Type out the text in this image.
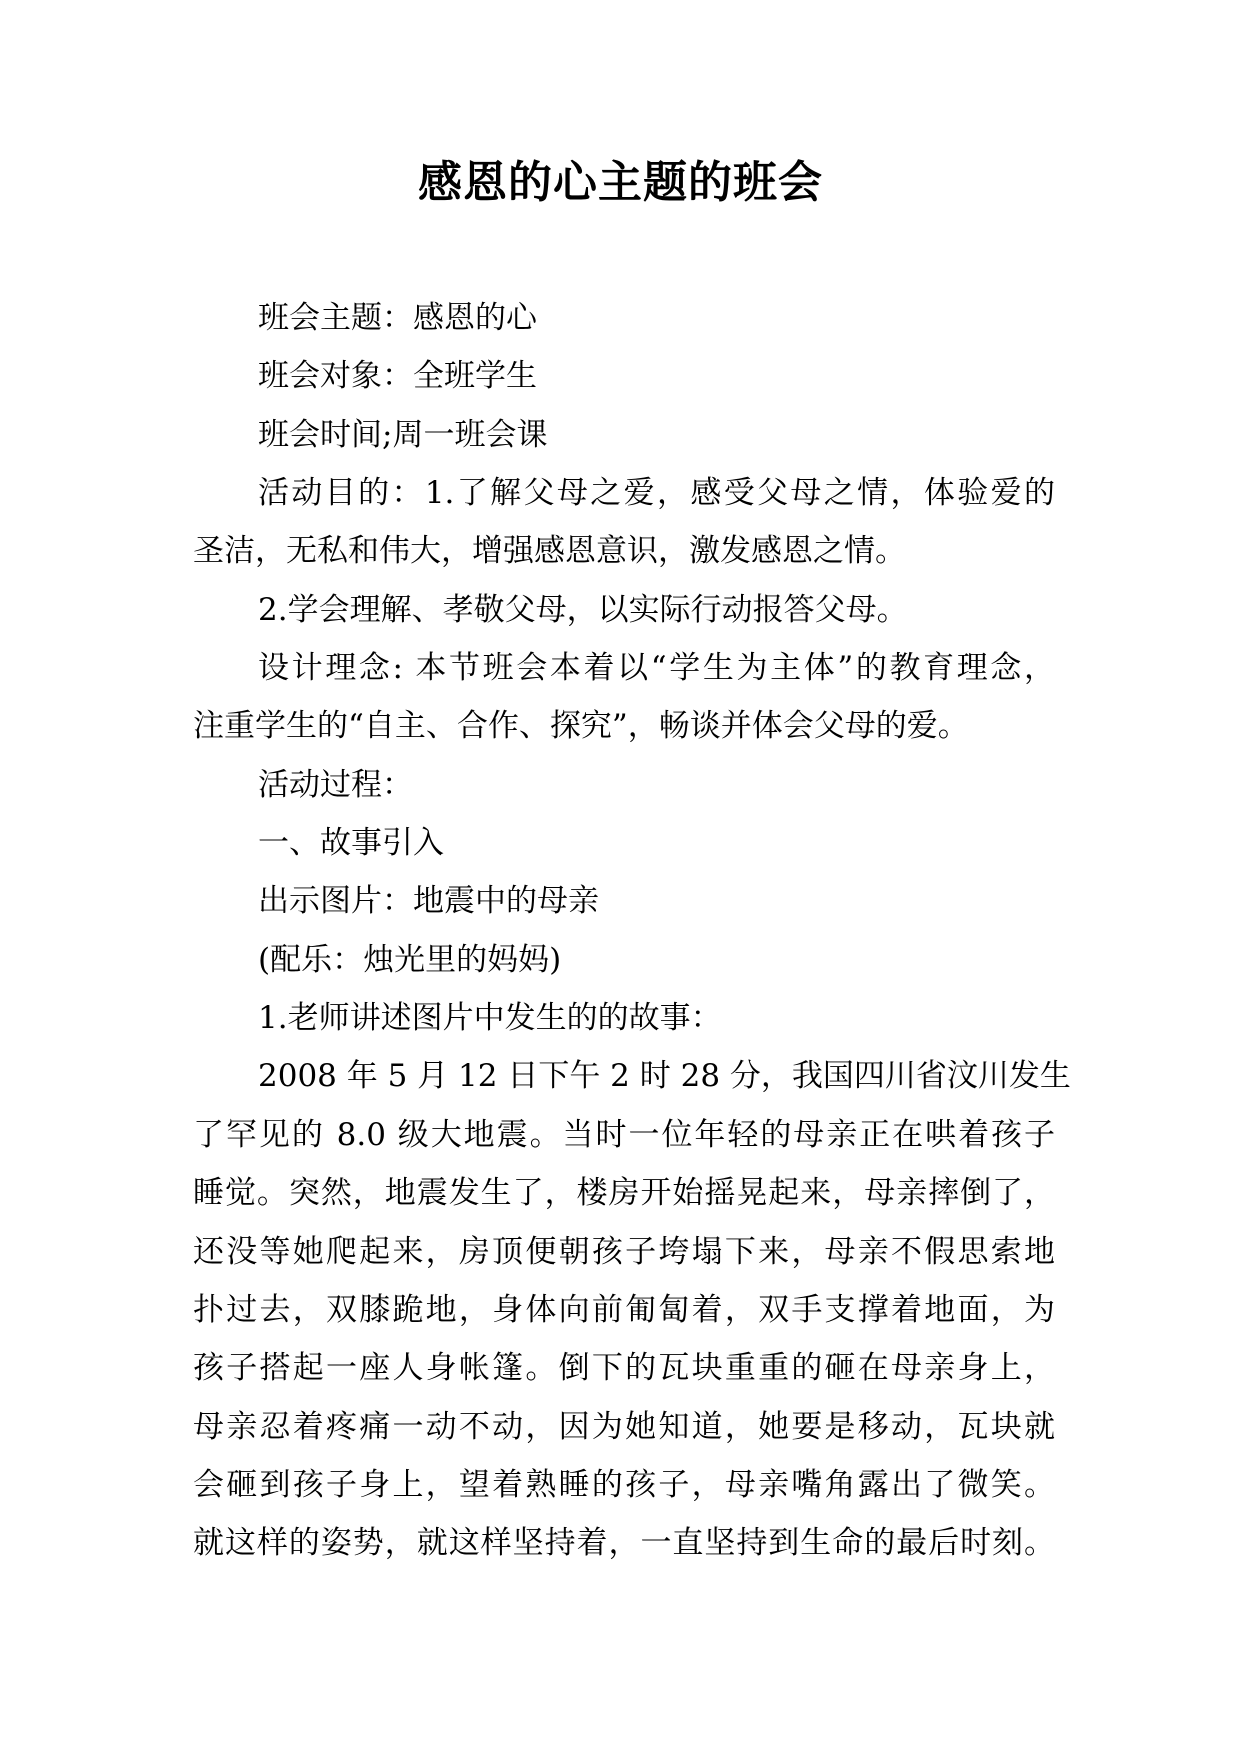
感恩的心主题的班会
班会主题：感恩的心
班会对象：全班学生
班会时间;周一班会课
活动目的：1.了解父母之爱，感受父母之情，体验爱的
圣洁，无私和伟大，增强感恩意识，激发感恩之情。
2.学会理解、孝敬父母，以实际行动报答父母。
设计理念: 本节班会本着以“学生为主体”的教育理念，
注重学生的“自主、合作、探究”，畅谈并体会父母的爱。
活动过程：
一、故事引入
出示图片：地震中的母亲
(配乐：烛光里的妈妈)
1.老师讲述图片中发生的的故事：
2008 年 5 月 12 日下午 2 时 28 分，我国四川省汶川发生
了罕见的 8.0 级大地震。当时一位年轻的母亲正在哄着孩子
睡觉。突然，地震发生了，楼房开始摇晃起来，母亲摔倒了，
还没等她爬起来，房顶便朝孩子垮塌下来，母亲不假思索地
扑过去，双膝跪地，身体向前匍匐着，双手支撑着地面，为
孩子搭起一座人身帐篷。倒下的瓦块重重的砸在母亲身上，
母亲忍着疼痛一动不动，因为她知道，她要是移动，瓦块就
会砸到孩子身上，望着熟睡的孩子，母亲嘴角露出了微笑。
就这样的姿势，就这样坚持着，一直坚持到生命的最后时刻。
